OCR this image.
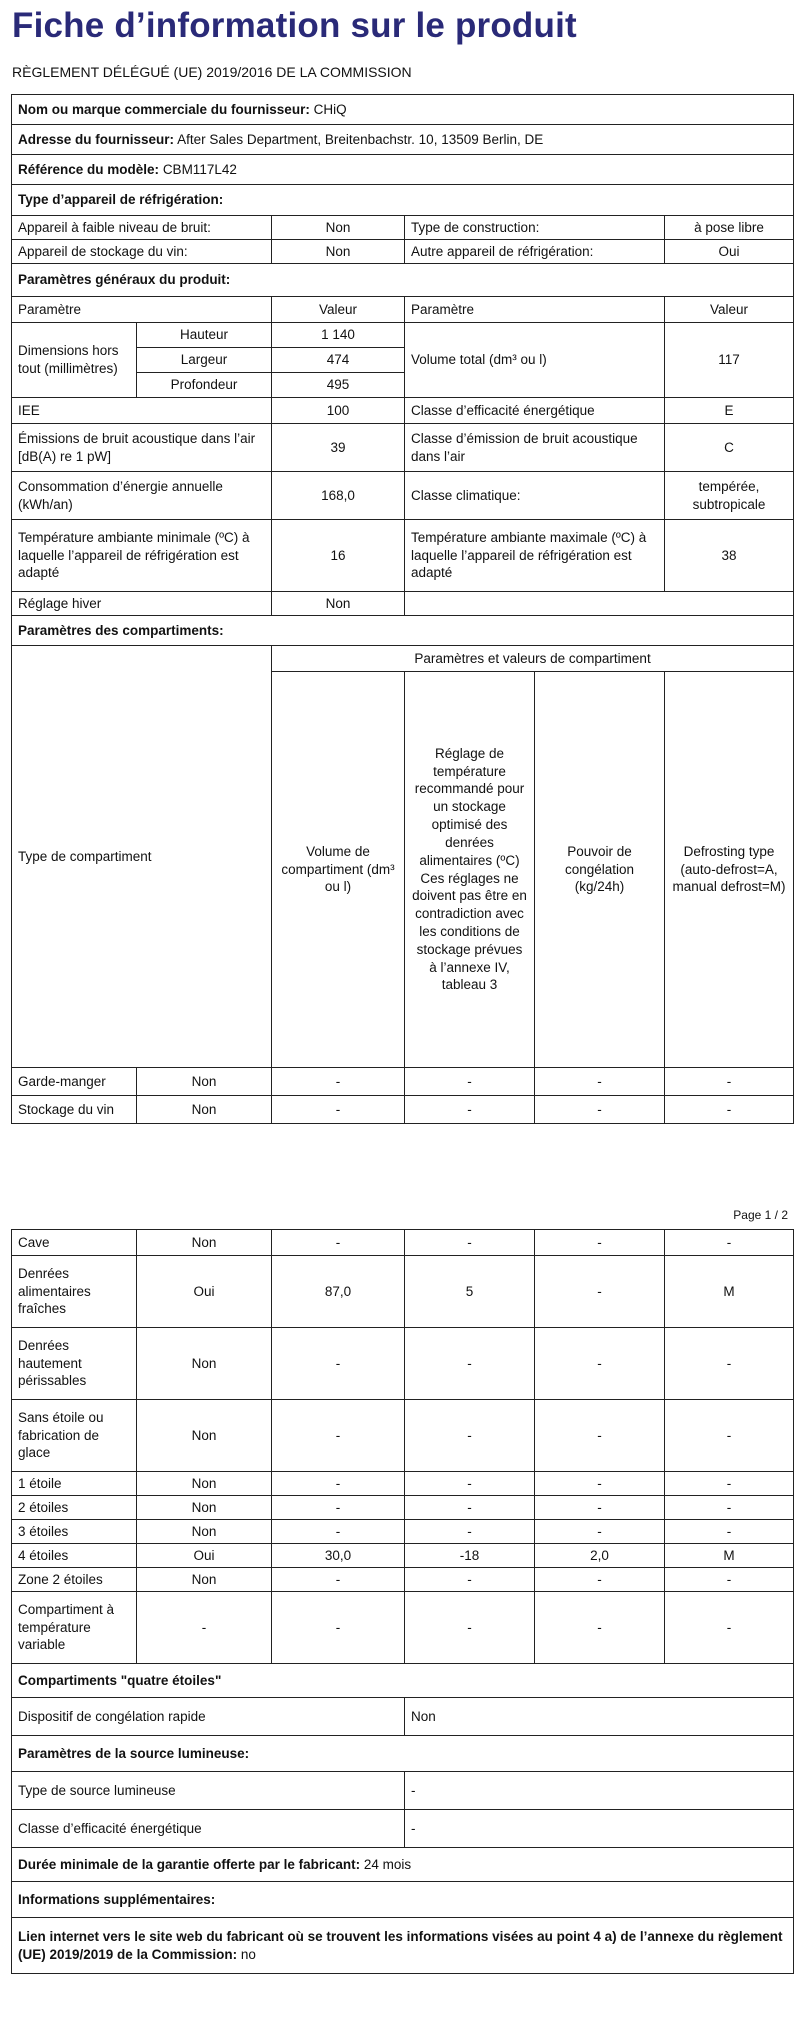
Fiche d’information sur le produit
RÈGLEMENT DÉLÉGUÉ (UE) 2019/2016 DE LA COMMISSION
Nom ou marque commerciale du fournisseur: CHiQ					
Adresse du fournisseur: After Sales Department, Breitenbachstr. 10, 13509 Berlin, DE					
Référence du modèle: CBM117L42					
Type d’appareil de réfrigération:					
Appareil à faible niveau de bruit:		Non	Type de construction:		à pose libre
Appareil de stockage du vin:		Non	Autre appareil de réfrigération:		Oui
Paramètres généraux du produit:					
Paramètre		Valeur	Paramètre		Valeur
Dimensions hors tout (millimètres)	Hauteur	1 140	Volume total (dm³ ou l)		117
	Largeur	474			
	Profondeur	495			
IEE		100	Classe d’efficacité énergétique		E
Émissions de bruit acoustique dans l’air [dB(A) re 1 pW]		39	Classe d’émission de bruit acoustique dans l’air		C
Consommation d’énergie annuelle (kWh/an)		168,0	Classe climatique:		tempérée, subtropicale
Température ambiante minimale (ºC) à laquelle l’appareil de réfrigération est adapté		16	Température ambiante maximale (ºC) à laquelle l’appareil de réfrigération est adapté		38
Réglage hiver		Non			
Paramètres des compartiments:					
Type de compartiment		Paramètres et valeurs de compartiment			
		Volume de compartiment (dm³ ou l)	Réglage de température recommandé pour un stockage optimisé des denrées alimentaires (ºC) Ces réglages ne doivent pas être en contradiction avec les conditions de stockage prévues à l’annexe IV, tableau 3	Pouvoir de congélation (kg/24h)	Defrosting type (auto-defrost=A, manual defrost=M)
Garde-manger	Non	-	-	-	-
Stockage du vin	Non	-	-	-	-
Page 1 / 2
Cave	Non	-	-	-	-
Denrées alimentaires fraîches	Oui	87,0	5	-	M
Denrées hautement périssables	Non	-	-	-	-
Sans étoile ou fabrication de glace	Non	-	-	-	-
1 étoile	Non	-	-	-	-
2 étoiles	Non	-	-	-	-
3 étoiles	Non	-	-	-	-
4 étoiles	Oui	30,0	-18	2,0	M
Zone 2 étoiles	Non	-	-	-	-
Compartiment à température variable	-	-	-	-	-
Compartiments "quatre étoiles"					
Dispositif de congélation rapide			Non		
Paramètres de la source lumineuse:					
Type de source lumineuse			-		
Classe d’efficacité énergétique			-		
Durée minimale de la garantie offerte par le fabricant: 24 mois					
Informations supplémentaires:					
Lien internet vers le site web du fabricant où se trouvent les informations visées au point 4 a) de l’annexe du règlement (UE) 2019/2019 de la Commission: no					
